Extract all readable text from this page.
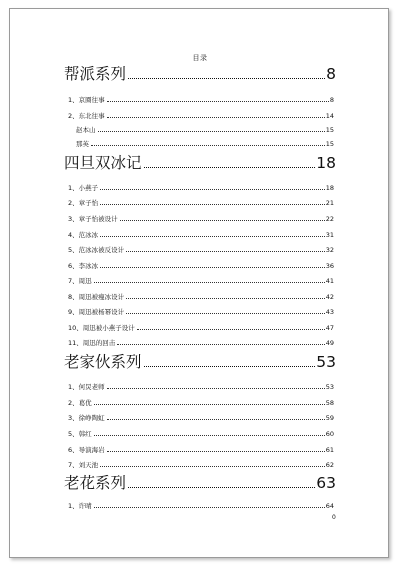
目录
帮派系列	8
1、京圈往事	8
2、东北往事	14
赵本山	15
那英	15
四旦双冰记	18
1、小燕子	18
2、章子怡	21
3、章子怡被设计	22
4、范冰冰	31
5、范冰冰被反设计	32
6、李冰冰	36
7、周迅	41
8、周迅被瘦冰设计	42
9、周迅被杨幂设计	43
10、周迅被小燕子设计	47
11、周迅的回击	49
老家伙系列	53
1、何炅老师	53
2、葛优	58
3、徐峥陶虹	59
5、韩红	60
6、导演海岩	61
7、刘天池	62
老花系列	63
1、许晴	64
0
